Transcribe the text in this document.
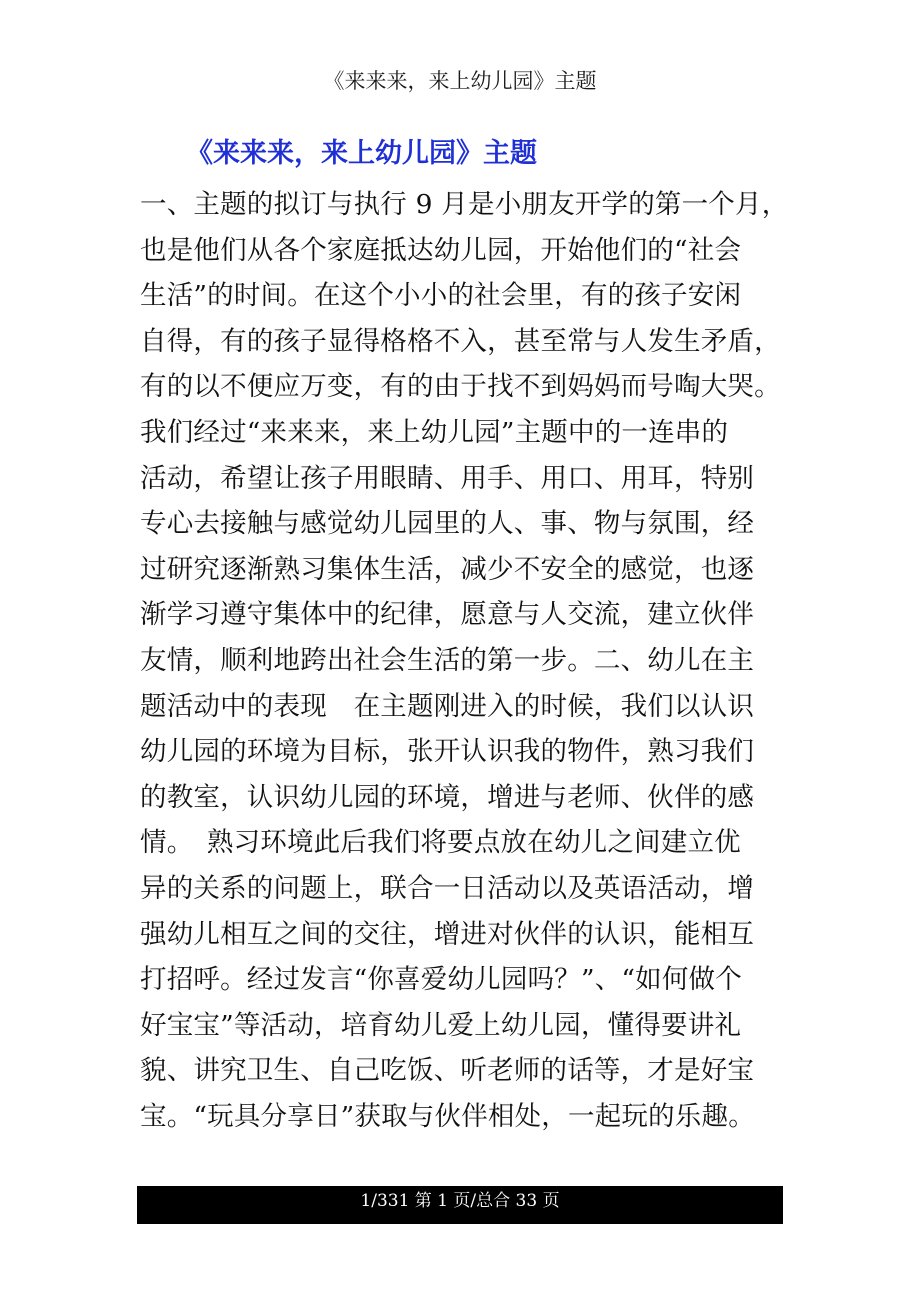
《来来来，来上幼儿园》主题
《来来来，来上幼儿园》主题
一、主题的拟订与执行 9 月是小朋友开学的第一个月，
也是他们从各个家庭抵达幼儿园，开始他们的“社会
生活”的时间。在这个小小的社会里，有的孩子安闲
自得，有的孩子显得格格不入，甚至常与人发生矛盾，
有的以不便应万变，有的由于找不到妈妈而号啕大哭。
我们经过“来来来，来上幼儿园”主题中的一连串的
活动，希望让孩子用眼睛、用手、用口、用耳，特别
专心去接触与感觉幼儿园里的人、事、物与氛围，经
过研究逐渐熟习集体生活，减少不安全的感觉，也逐
渐学习遵守集体中的纪律，愿意与人交流，建立伙伴
友情，顺利地跨出社会生活的第一步。二、幼儿在主
题活动中的表现　在主题刚进入的时候，我们以认识
幼儿园的环境为目标，张开认识我的物件，熟习我们
的教室，认识幼儿园的环境，增进与老师、伙伴的感
情。　熟习环境此后我们将要点放在幼儿之间建立优
异的关系的问题上，联合一日活动以及英语活动，增
强幼儿相互之间的交往，增进对伙伴的认识，能相互
打招呼。经过发言“你喜爱幼儿园吗？”、“如何做个
好宝宝”等活动，培育幼儿爱上幼儿园，懂得要讲礼
貌、讲究卫生、自己吃饭、听老师的话等，才是好宝
宝。“玩具分享日”获取与伙伴相处，一起玩的乐趣。
1/331 第 1 页/总合 33 页
